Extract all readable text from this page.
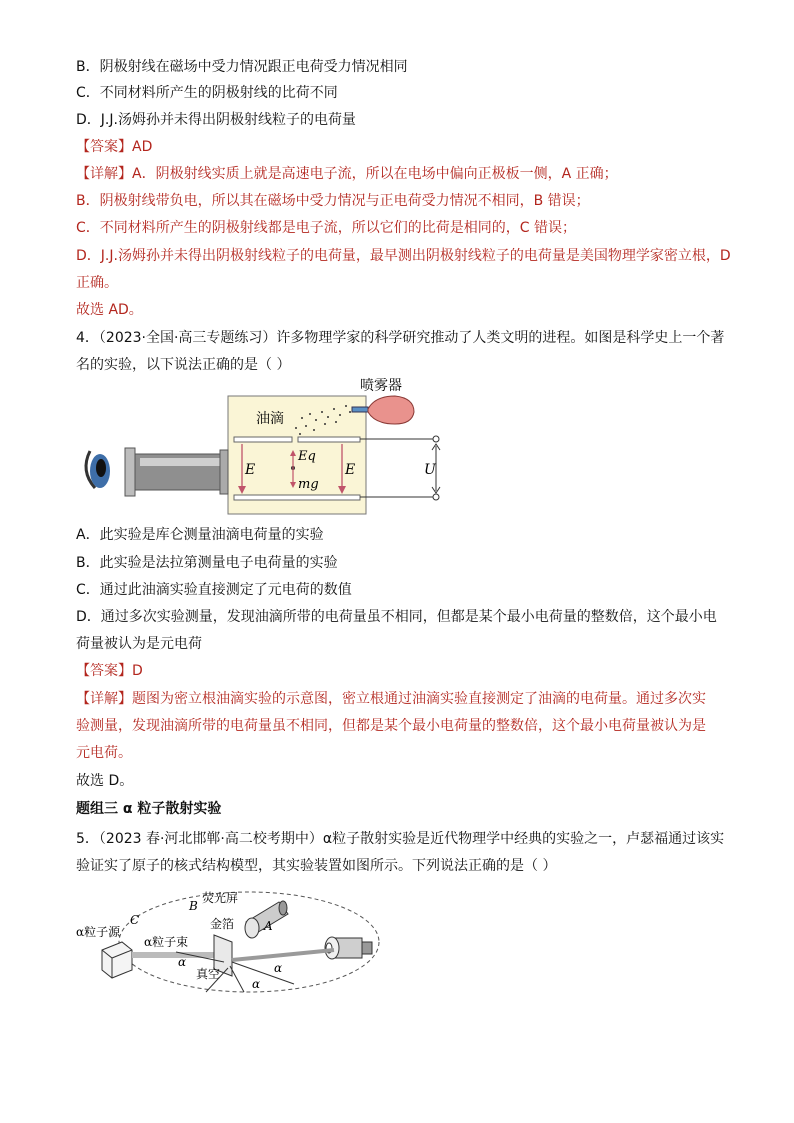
B．阴极射线在磁场中受力情况跟正电荷受力情况相同
C．不同材料所产生的阴极射线的比荷不同
D．J.J.汤姆孙并未得出阴极射线粒子的电荷量
【答案】AD
【详解】A．阴极射线实质上就是高速电子流，所以在电场中偏向正极板一侧，A 正确；
B．阴极射线带负电，所以其在磁场中受力情况与正电荷受力情况不相同，B 错误；
C．不同材料所产生的阴极射线都是电子流，所以它们的比荷是相同的，C 错误；
D．J.J.汤姆孙并未得出阴极射线粒子的电荷量，最早测出阴极射线粒子的电荷量是美国物理学家密立根，D
正确。
故选 AD。
4．（2023·全国·高三专题练习）许多物理学家的科学研究推动了人类文明的进程。如图是科学史上一个著
名的实验，以下说法正确的是（ ）
U
E	E
Eq
mg
油滴
喷雾器
A．此实验是库仑测量油滴电荷量的实验
B．此实验是法拉第测量电子电荷量的实验
C．通过此油滴实验直接测定了元电荷的数值
D．通过多次实验测量，发现油滴所带的电荷量虽不相同，但都是某个最小电荷量的整数倍，这个最小电
荷量被认为是元电荷
【答案】D
【详解】题图为密立根油滴实验的示意图，密立根通过油滴实验直接测定了油滴的电荷量。通过多次实
验测量，发现油滴所带的电荷量虽不相同，但都是某个最小电荷量的整数倍，这个最小电荷量被认为是
元电荷。
故选 D。
题组三 α 粒子散射实验
5．（2023 春·河北邯郸·高二校考期中）α粒子散射实验是近代物理学中经典的实验之一，卢瑟福通过该实
验证实了原子的核式结构模型，其实验装置如图所示。下列说法正确的是（ ）
α粒子源
α粒子束
金箔
真空
荧光屏
α
α
α
A
B
C
